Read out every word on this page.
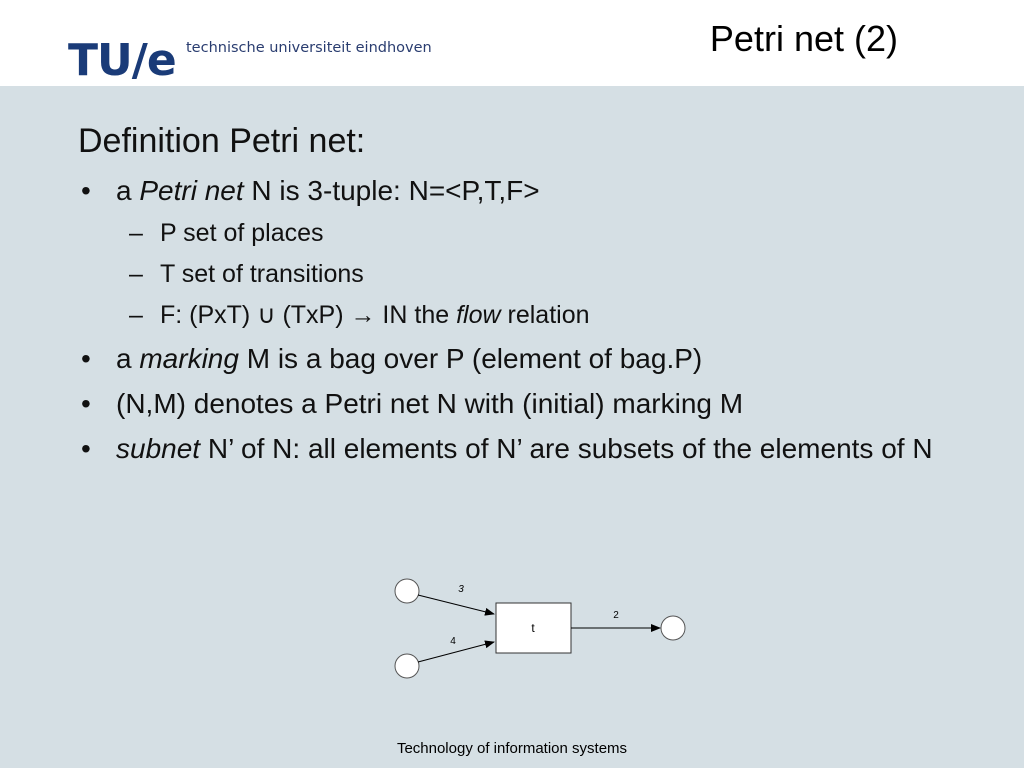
TU/e technische universiteit eindhoven	Petri net (2)
Definition Petri net:
• a Petri net N is 3-tuple: N=<P,T,F>
– P set of places
– T set of transitions
– F: (PxT) ∪ (TxP) → IN the flow relation
• a marking M is a bag over P (element of bag.P)
• (N,M) denotes a Petri net N with (initial) marking M
• subnet N’ of N: all elements of N’ are subsets of the elements of N
t
3
4
2
Technology of information systems
